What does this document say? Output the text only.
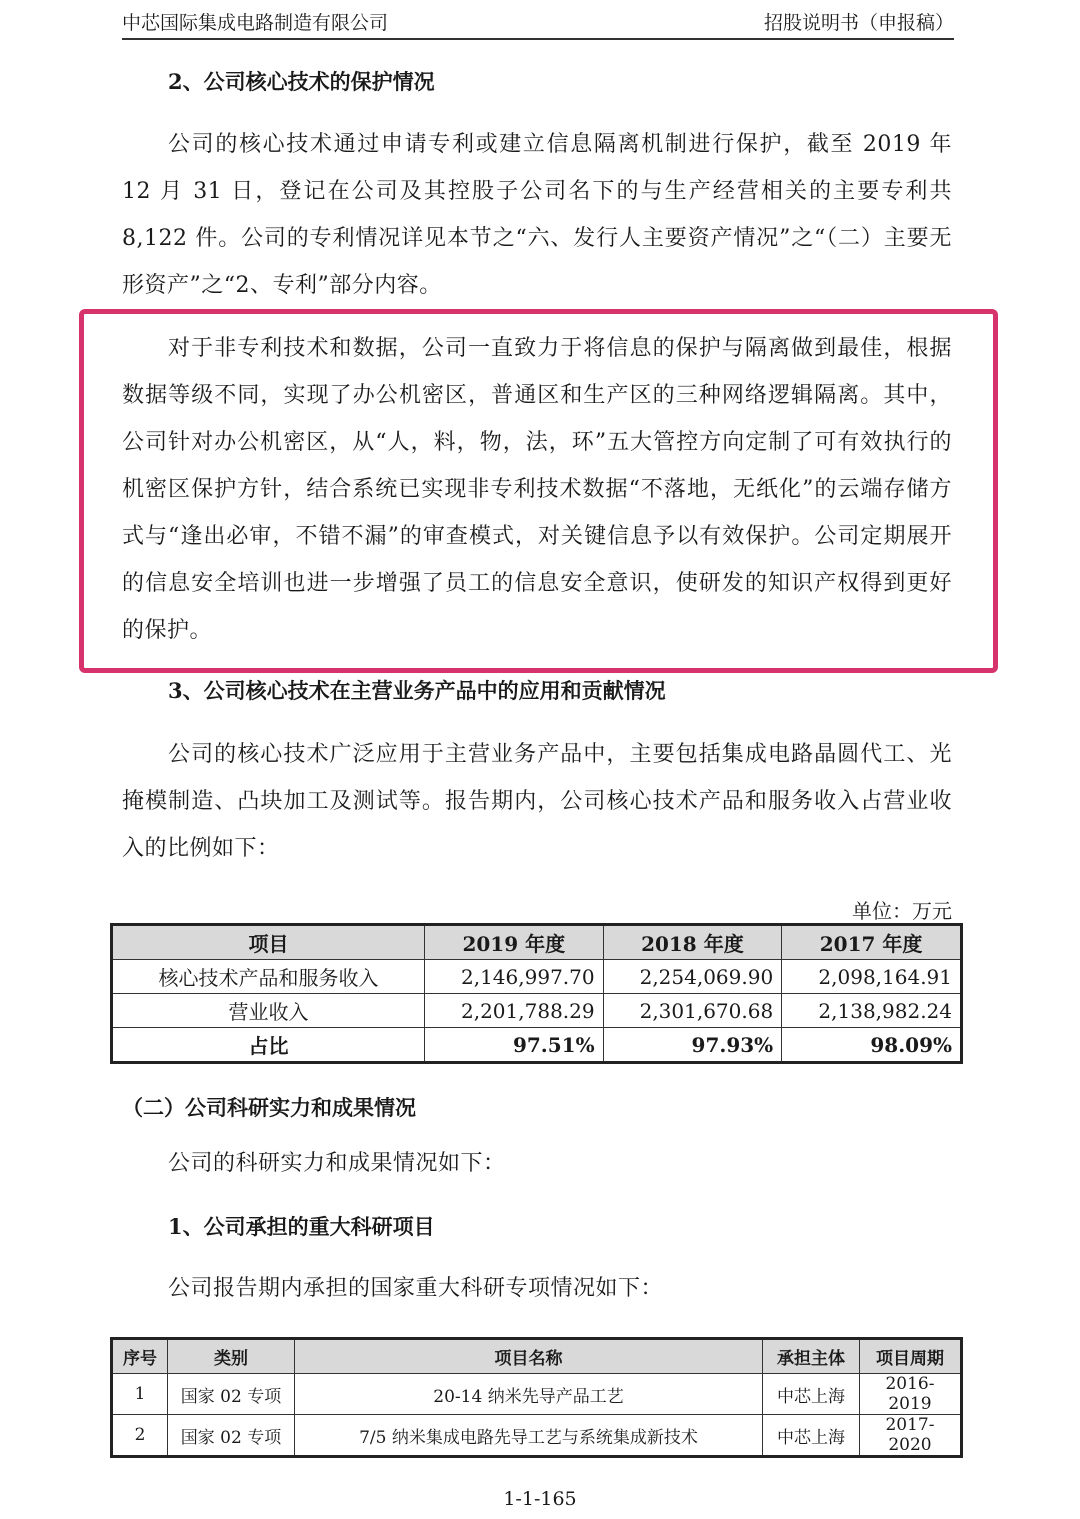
中芯国际集成电路制造有限公司	招股说明书（申报稿）
2、公司核心技术的保护情况
公司的核心技术通过申请专利或建立信息隔离机制进行保护，截至 2019 年 12 月 31 日，登记在公司及其控股子公司名下的与生产经营相关的主要专利共 8,122 件。公司的专利情况详见本节之“六、发行人主要资产情况”之“（二）主要无形资产”之“2、专利”部分内容。
对于非专利技术和数据，公司一直致力于将信息的保护与隔离做到最佳，根据数据等级不同，实现了办公机密区，普通区和生产区的三种网络逻辑隔离。其中，公司针对办公机密区，从“人，料，物，法，环”五大管控方向定制了可有效执行的机密区保护方针，结合系统已实现非专利技术数据“不落地，无纸化”的云端存储方式与“逢出必审，不错不漏”的审查模式，对关键信息予以有效保护。公司定期展开的信息安全培训也进一步增强了员工的信息安全意识，使研发的知识产权得到更好的保护。
3、公司核心技术在主营业务产品中的应用和贡献情况
公司的核心技术广泛应用于主营业务产品中，主要包括集成电路晶圆代工、光掩模制造、凸块加工及测试等。报告期内，公司核心技术产品和服务收入占营业收入的比例如下：
单位：万元
项目	2019 年度	2018 年度	2017 年度
核心技术产品和服务收入	2,146,997.70	2,254,069.90	2,098,164.91
营业收入	2,201,788.29	2,301,670.68	2,138,982.24
占比	97.51%	97.93%	98.09%
（二）公司科研实力和成果情况
公司的科研实力和成果情况如下：
1、公司承担的重大科研项目
公司报告期内承担的国家重大科研专项情况如下：
序号	类别	项目名称	承担主体	项目周期
1	国家 02 专项	20-14 纳米先导产品工艺	中芯上海	2016-2019
2	国家 02 专项	7/5 纳米集成电路先导工艺与系统集成新技术	中芯上海	2017-2020
1-1-165
